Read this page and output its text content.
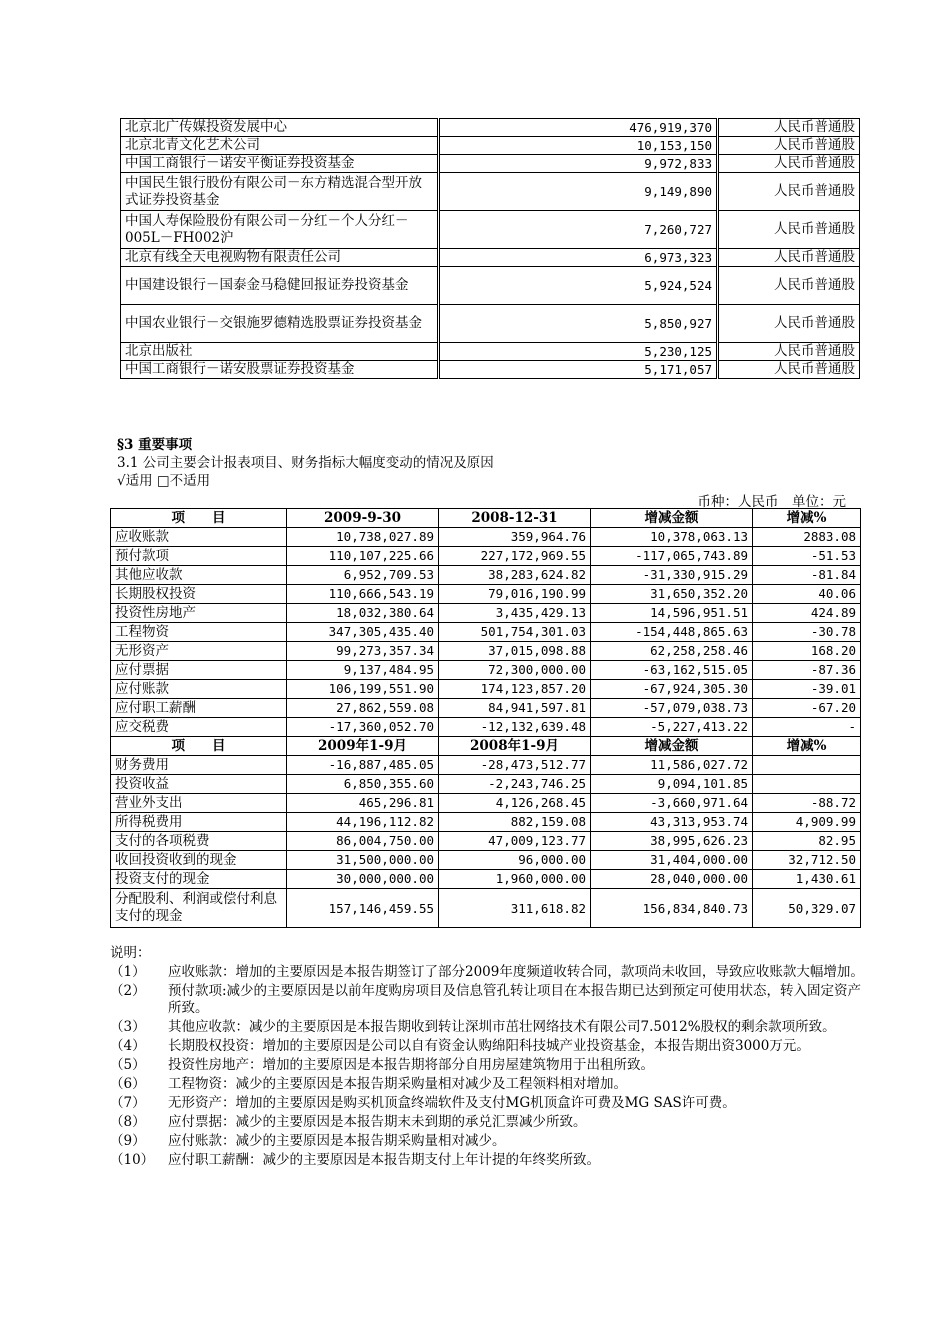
北京北广传媒投资发展中心	476,919,370	人民币普通股
北京北青文化艺术公司	10,153,150	人民币普通股
中国工商银行－诺安平衡证券投资基金	9,972,833	人民币普通股
中国民生银行股份有限公司－东方精选混合型开放式证券投资基金	9,149,890	人民币普通股
中国人寿保险股份有限公司－分红－个人分红－005L－FH002沪	7,260,727	人民币普通股
北京有线全天电视购物有限责任公司	6,973,323	人民币普通股
中国建设银行－国泰金马稳健回报证券投资基金	5,924,524	人民币普通股
中国农业银行－交银施罗德精选股票证券投资基金	5,850,927	人民币普通股
北京出版社	5,230,125	人民币普通股
中国工商银行－诺安股票证券投资基金	5,171,057	人民币普通股
§3 重要事项
3.1 公司主要会计报表项目、财务指标大幅度变动的情况及原因
√适用 □不适用
币种：人民币　单位：元
项　　目	2009-9-30	2008-12-31	增减金额	增减%
应收账款	10,738,027.89	359,964.76	10,378,063.13	2883.08
预付款项	110,107,225.66	227,172,969.55	-117,065,743.89	-51.53
其他应收款	6,952,709.53	38,283,624.82	-31,330,915.29	-81.84
长期股权投资	110,666,543.19	79,016,190.99	31,650,352.20	40.06
投资性房地产	18,032,380.64	3,435,429.13	14,596,951.51	424.89
工程物资	347,305,435.40	501,754,301.03	-154,448,865.63	-30.78
无形资产	99,273,357.34	37,015,098.88	62,258,258.46	168.20
应付票据	9,137,484.95	72,300,000.00	-63,162,515.05	-87.36
应付账款	106,199,551.90	174,123,857.20	-67,924,305.30	-39.01
应付职工薪酬	27,862,559.08	84,941,597.81	-57,079,038.73	-67.20
应交税费	-17,360,052.70	-12,132,639.48	-5,227,413.22	-
项　　目	2009年1-9月	2008年1-9月	增减金额	增减%
财务费用	-16,887,485.05	-28,473,512.77	11,586,027.72	
投资收益	6,850,355.60	-2,243,746.25	9,094,101.85	
营业外支出	465,296.81	4,126,268.45	-3,660,971.64	-88.72
所得税费用	44,196,112.82	882,159.08	43,313,953.74	4,909.99
支付的各项税费	86,004,750.00	47,009,123.77	38,995,626.23	82.95
收回投资收到的现金	31,500,000.00	96,000.00	31,404,000.00	32,712.50
投资支付的现金	30,000,000.00	1,960,000.00	28,040,000.00	1,430.61
分配股利、利润或偿付利息支付的现金	157,146,459.55	311,618.82	156,834,840.73	50,329.07
说明：
（1）	应收账款：增加的主要原因是本报告期签订了部分2009年度频道收转合同，款项尚未收回，导致应收账款大幅增加。
（2）	预付款项:减少的主要原因是以前年度购房项目及信息管孔转让项目在本报告期已达到预定可使用状态，转入固定资产所致。
（3）	其他应收款：减少的主要原因是本报告期收到转让深圳市茁壮网络技术有限公司7.5012%股权的剩余款项所致。
（4）	长期股权投资：增加的主要原因是公司以自有资金认购绵阳科技城产业投资基金，本报告期出资3000万元。
（5）	投资性房地产：增加的主要原因是本报告期将部分自用房屋建筑物用于出租所致。
（6）	工程物资：减少的主要原因是本报告期采购量相对减少及工程领料相对增加。
（7）	无形资产：增加的主要原因是购买机顶盒终端软件及支付MG机顶盒许可费及MG SAS许可费。
（8）	应付票据：减少的主要原因是本报告期末未到期的承兑汇票减少所致。
（9）	应付账款：减少的主要原因是本报告期采购量相对减少。
（10）	应付职工薪酬：减少的主要原因是本报告期支付上年计提的年终奖所致。
